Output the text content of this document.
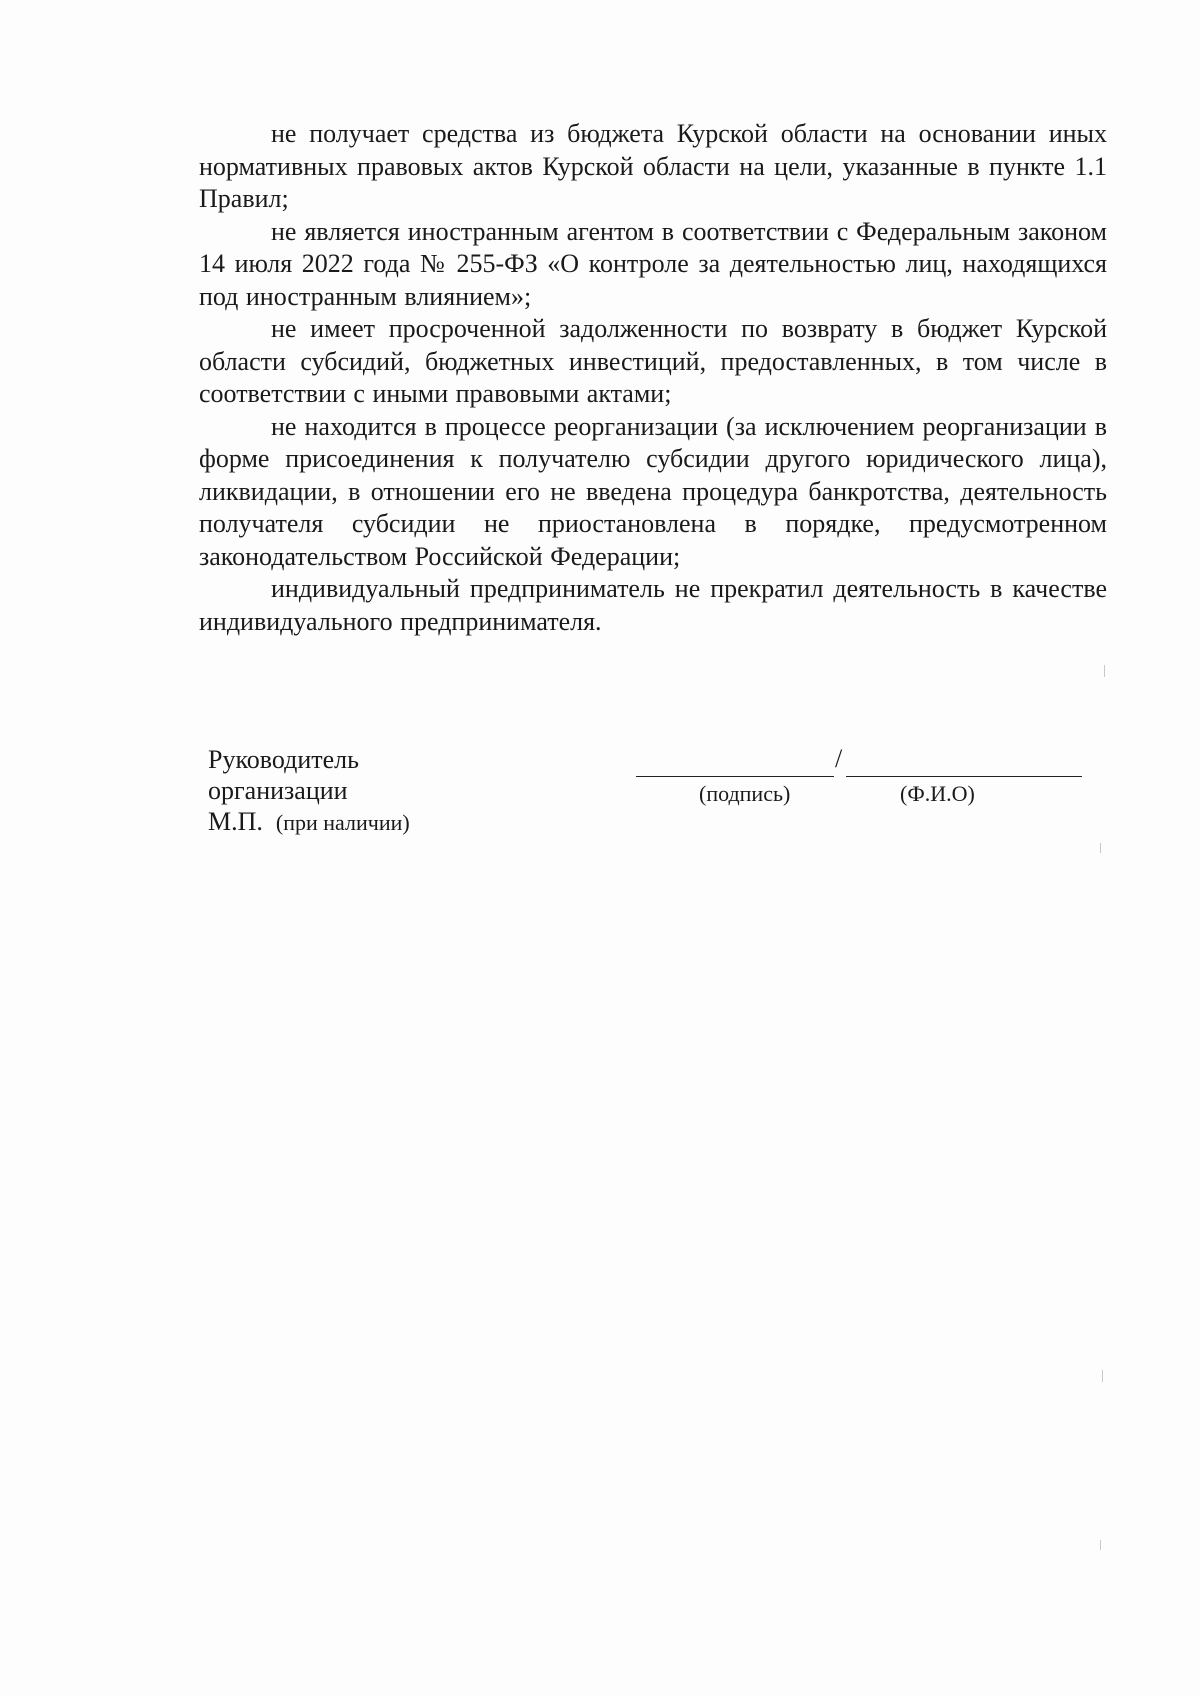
не получает средства из бюджета Курской области на основании иных нормативных правовых актов Курской области на цели, указанные в пункте 1.1 Правил;

не является иностранным агентом в соответствии с Федеральным законом 14 июля 2022 года № 255-ФЗ «О контроле за деятельностью лиц, находящихся под иностранным влиянием»;

не имеет просроченной задолженности по возврату в бюджет Курской области субсидий, бюджетных инвестиций, предоставленных, в том числе в соответствии с иными правовыми актами;

не находится в процессе реорганизации (за исключением реорганизации в форме присоединения к получателю субсидии другого юридического лица), ликвидации, в отношении его не введена процедура банкротства, деятельность получателя субсидии не приостановлена в порядке, предусмотренном законодательством Российской Федерации;

индивидуальный предприниматель не прекратил деятельность в качестве индивидуального предпринимателя.

Руководитель
организации
М.П. (при наличии)
/
(подпись)	(Ф.И.О)
